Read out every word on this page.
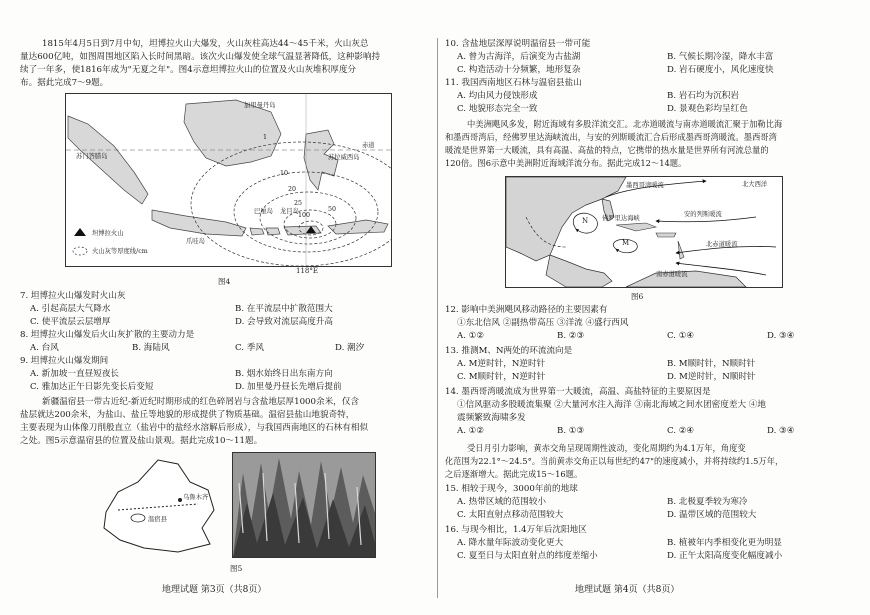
1815年4月5日到7月中旬，坦博拉火山大爆发，火山灰柱高达44～45千米，火山灰总
量达600亿吨，如图周围地区陷入长时间黑暗。该次火山爆发使全球气温显著降低，这种影响持
续了一年多，使1816年成为"无夏之年"。图4示意坦博拉火山的位置及火山灰堆积厚度分
布。据此完成7～9题。
加里曼丹岛
苏门答腊岛	苏拉威西岛
爪哇岛
巴厘岛 龙目岛
赤道
1
10
20
25
50
100
坦博拉火山
火山灰等厚度线/cm
118°E
图4
7. 坦博拉火山爆发时火山灰
A. 引起高层大气降水	B. 在平流层中扩散范围大
C. 使平流层云层增厚	D. 会导致对流层高度升高
8. 坦博拉火山爆发后火山灰扩散的主要动力是
A. 台风	B. 海陆风	C. 季风	D. 潮汐
9. 坦博拉火山爆发期间
A. 新加坡一直昼短夜长	B. 烟水始终日出东南方向
C. 雅加达正午日影先变长后变短	D. 加里曼丹昼长先增后提前
新疆温宿县一带古近纪-新近纪时期形成的红色碎屑岩与含盐地层厚1000余米，仅含
盐层就达200余米，为盐山、盐丘等地貌的形成提供了物质基础。温宿县盐山地貌奇特，
主要表现为山体像刀削般直立（盐岩中的盐经水溶解后形成），与我国西南地区的石林有相似
之处。图5示意温宿县的位置及盐山景观。据此完成10～11题。
乌鲁木齐
温宿县
图5
地理试题 第3页（共8页）
10. 含盐地层深厚说明温宿县一带可能
A. 曾为古海洋，后演变为古盐湖	B. 气候长期冷湿，降水丰富
C. 构造活动十分频繁，地形复杂	D. 岩石硬度小，风化速度快
11. 我国西南地区石林与温宿县盐山
A. 均由风力侵蚀形成	B. 岩石均为沉积岩
C. 地貌形态完全一致	D. 景观色彩均呈红色
中美洲飓风多发，附近海域有多股洋流交汇。北赤道暖流与南赤道暖流汇聚于加勒比海
和墨西哥湾后，经佛罗里达海峡流出，与安的列斯暖流汇合后形成墨西哥湾暖流。墨西哥湾
暖流是世界第一大暖流，具有高温、高盐的特点，它携带的热水量是世界所有河流总量的
120倍。图6示意中美洲附近海域洋流分布。据此完成12～14题。
墨西哥湾暖流	北大西洋
佛罗里达海峡
安的列斯暖流
北赤道暖流
南赤道暖流
N
M
图6
12. 影响中美洲飓风移动路径的主要因素有
①东北信风 ②副热带高压 ③洋流 ④盛行西风
A. ①②	B. ②③	C. ①④	D. ③④
13. 推测M、N两处的环流流向是
A. M逆时针，N逆时针	B. M顺时针，N顺时针
C. M顺时针，N逆时针	D. M逆时针，N顺时针
14. 墨西哥湾暖流成为世界第一大暖流，高温、高盐特征的主要原因是
①信风驱动多股暖流集聚 ②大量河水注入海洋 ③南北海域之间水团密度差大 ④地
震频繁致海啸多发
A. ①②	B. ①③	C. ②④	D. ③④
受日月引力影响，黄赤交角呈现周期性波动，变化周期约为4.1万年，角度变
化范围为22.1°～24.5°。当前黄赤交角正以每世纪约47"的速度减小，并将持续约1.5万年，
之后逐渐增大。据此完成15～16题。
15. 相较于现今，3000年前的地球
A. 热带区域的范围较小	B. 北极夏季较为寒冷
C. 太阳直射点移动范围较大	D. 温带区域的范围较大
16. 与现今相比，1.4万年后沈阳地区
A. 降水量年际波动变化更大	B. 植被年内季相变化更为明显
C. 夏至日与太阳直射点的纬度差缩小	D. 正午太阳高度变化幅度减小
地理试题 第4页（共8页）
